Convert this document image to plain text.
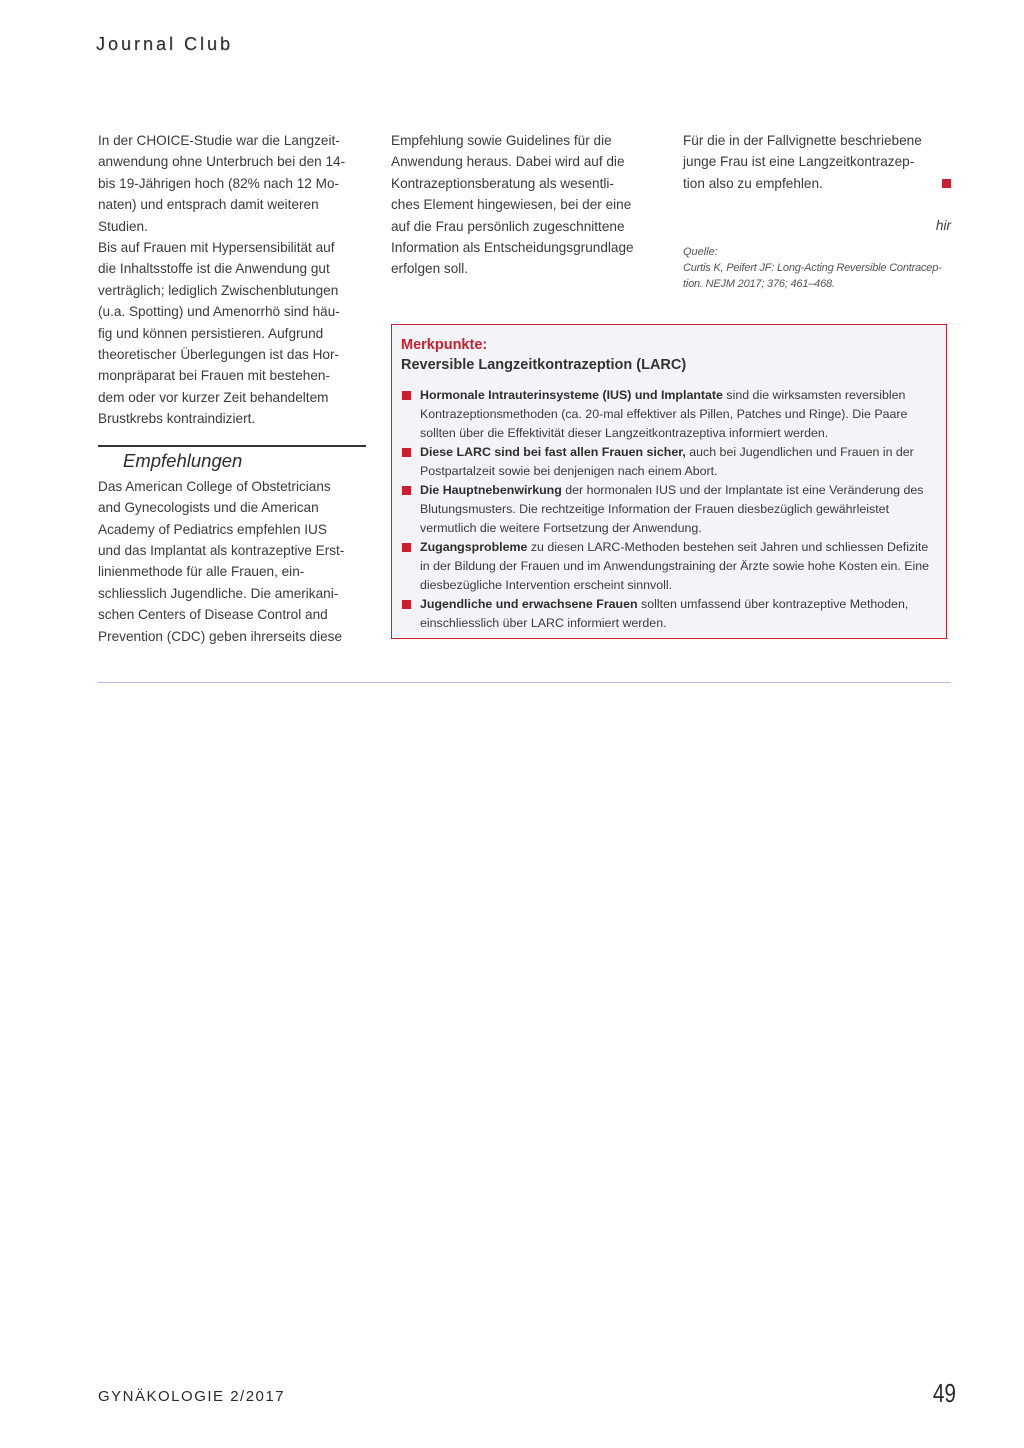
Journal Club

In der CHOICE-Studie war die Langzeit-
anwendung ohne Unterbruch bei den 14-
bis 19-Jährigen hoch (82% nach 12 Mo-
naten) und entsprach damit weiteren
Studien.

Bis auf Frauen mit Hypersensibilität auf
die Inhaltsstoffe ist die Anwendung gut
verträglich; lediglich Zwischenblutungen
(u.a. Spotting) und Amenorrhö sind häu-
fig und können persistieren. Aufgrund
theoretischer Überlegungen ist das Hor-
monpräparat bei Frauen mit bestehen-
dem oder vor kurzer Zeit behandeltem
Brustkrebs kontraindiziert.

Empfehlungen

Das American College of Obstetricians
and Gynecologists und die American
Academy of Pediatrics empfehlen IUS
und das Implantat als kontrazeptive Erst-
linienmethode für alle Frauen, ein-
schliesslich Jugendliche. Die amerikani-
schen Centers of Disease Control and
Prevention (CDC) geben ihrerseits diese

Empfehlung sowie Guidelines für die
Anwendung heraus. Dabei wird auf die
Kontrazeptionsberatung als wesentli-
ches Element hingewiesen, bei der eine
auf die Frau persönlich zugeschnittene
Information als Entscheidungsgrundlage
erfolgen soll.

Für die in der Fallvignette beschriebene
junge Frau ist eine Langzeitkontrazep-
tion also zu empfehlen.

hir
Quelle:
Curtis K, Peifert JF: Long-Acting Reversible Contracep-
tion. NEJM 2017; 376; 461–468.
Merkpunkte:
Reversible Langzeitkontrazeption (LARC)
Hormonale Intrauterinsysteme (IUS) und Implantate sind die wirksamsten reversiblen Kontrazeptionsmethoden (ca. 20-mal effektiver als Pillen, Patches und Ringe). Die Paare sollten über die Effektivität dieser Langzeitkontrazeptiva informiert werden.
Diese LARC sind bei fast allen Frauen sicher, auch bei Jugendlichen und Frauen in der Postpartalzeit sowie bei denjenigen nach einem Abort.
Die Hauptnebenwirkung der hormonalen IUS und der Implantate ist eine Veränderung des Blutungsmusters. Die rechtzeitige Information der Frauen diesbezüglich gewährleistet vermutlich die weitere Fortsetzung der Anwendung.
Zugangsprobleme zu diesen LARC-Methoden bestehen seit Jahren und schliessen Defizite in der Bildung der Frauen und im Anwendungstraining der Ärzte sowie hohe Kosten ein. Eine diesbezügliche Intervention erscheint sinnvoll.
Jugendliche und erwachsene Frauen sollten umfassend über kontrazeptive Methoden, einschliesslich über LARC informiert werden.
GYNÄKOLOGIE 2/2017	49
